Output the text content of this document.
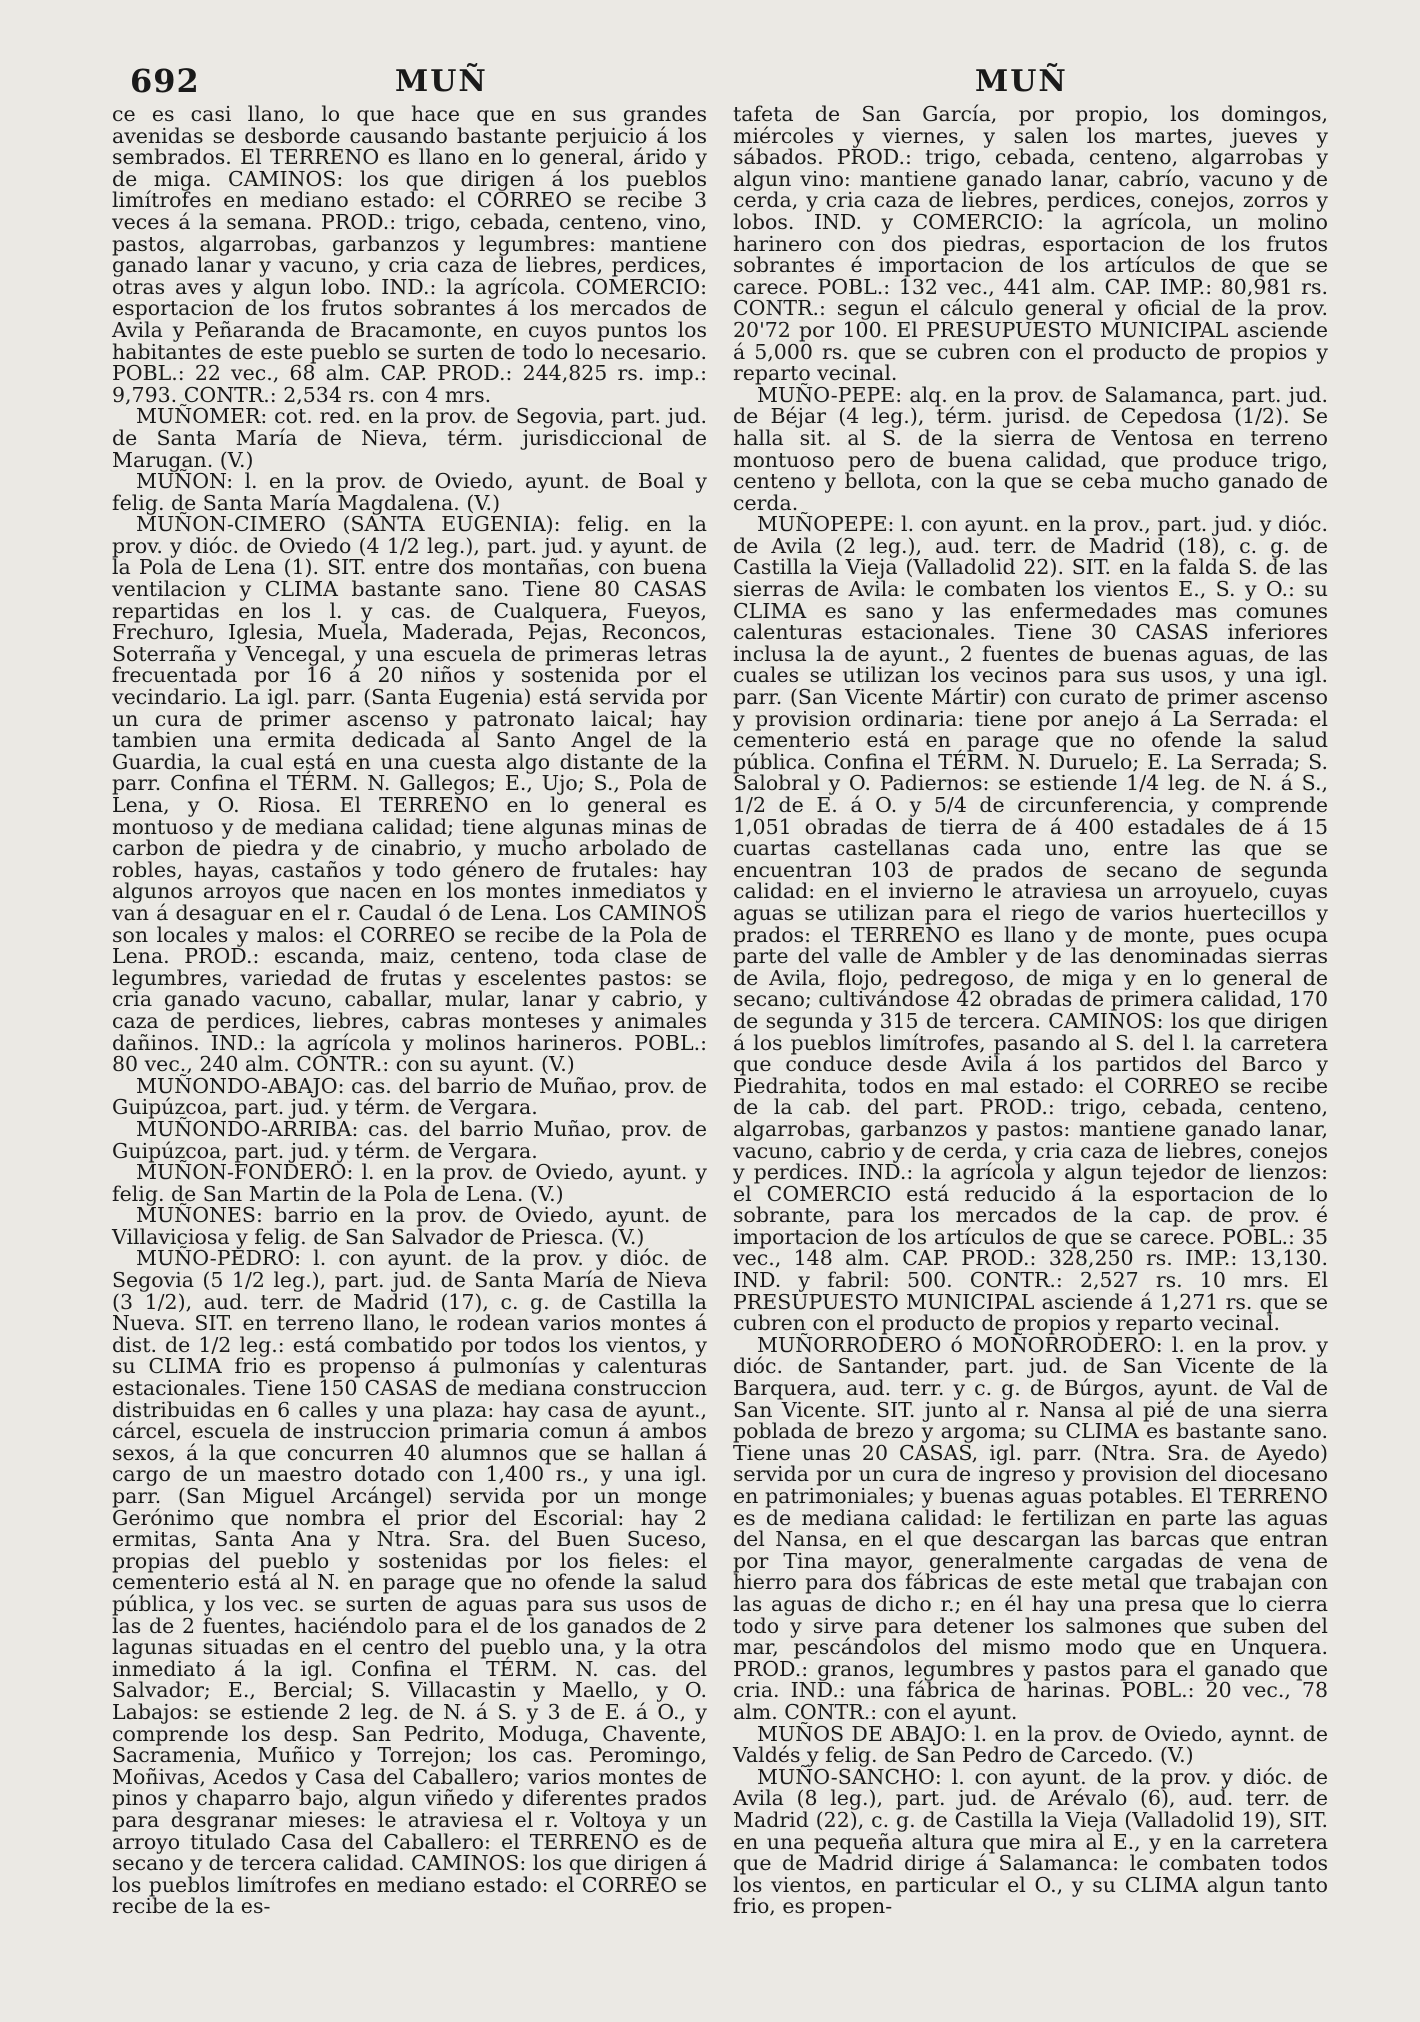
692	MUÑ	MUÑ

ce es casi llano, lo que hace que en sus grandes avenidas se desborde causando bastante perjuicio á los sembrados. El TERRENO es llano en lo general, árido y de miga. CAMINOS: los que dirigen á los pueblos limítrofes en mediano estado: el CORREO se recibe 3 veces á la semana. PROD.: trigo, cebada, centeno, vino, pastos, algarrobas, garbanzos y legumbres: mantiene ganado lanar y vacuno, y cria caza de liebres, perdices, otras aves y algun lobo. IND.: la agrícola. COMERCIO: esportacion de los frutos sobrantes á los mercados de Avila y Peñaranda de Bracamonte, en cuyos puntos los habitantes de este pueblo se surten de todo lo necesario. POBL.: 22 vec., 68 alm. CAP. PROD.: 244,825 rs. imp.: 9,793. CONTR.: 2,534 rs. con 4 mrs.

MUÑOMER: cot. red. en la prov. de Segovia, part. jud. de Santa María de Nieva, térm. jurisdiccional de Marugan. (V.)

MUÑON: l. en la prov. de Oviedo, ayunt. de Boal y felig. de Santa María Magdalena. (V.)

MUÑON-CIMERO (SANTA EUGENIA): felig. en la prov. y dióc. de Oviedo (4 1/2 leg.), part. jud. y ayunt. de la Pola de Lena (1). SIT. entre dos montañas, con buena ventilacion y CLIMA bastante sano. Tiene 80 CASAS repartidas en los l. y cas. de Cualquera, Fueyos, Frechuro, Iglesia, Muela, Maderada, Pejas, Reconcos, Soterraña y Vencegal, y una escuela de primeras letras frecuentada por 16 á 20 niños y sostenida por el vecindario. La igl. parr. (Santa Eugenia) está servida por un cura de primer ascenso y patronato laical; hay tambien una ermita dedicada al Santo Angel de la Guardia, la cual está en una cuesta algo distante de la parr. Confina el TÉRM. N. Gallegos; E., Ujo; S., Pola de Lena, y O. Riosa. El TERRENO en lo general es montuoso y de mediana calidad; tiene algunas minas de carbon de piedra y de cinabrio, y mucho arbolado de robles, hayas, castaños y todo género de frutales: hay algunos arroyos que nacen en los montes inmediatos y van á desaguar en el r. Caudal ó de Lena. Los CAMINOS son locales y malos: el CORREO se recibe de la Pola de Lena. PROD.: escanda, maiz, centeno, toda clase de legumbres, variedad de frutas y escelentes pastos: se cria ganado vacuno, caballar, mular, lanar y cabrio, y caza de perdices, liebres, cabras monteses y animales dañinos. IND.: la agrícola y molinos harineros. POBL.: 80 vec., 240 alm. CONTR.: con su ayunt. (V.)

MUÑONDO-ABAJO: cas. del barrio de Muñao, prov. de Guipúzcoa, part. jud. y térm. de Vergara.

MUÑONDO-ARRIBA: cas. del barrio Muñao, prov. de Guipúzcoa, part. jud. y térm. de Vergara.

MUÑON-FONDERO: l. en la prov. de Oviedo, ayunt. y felig. de San Martin de la Pola de Lena. (V.)

MUÑONES: barrio en la prov. de Oviedo, ayunt. de Villaviciosa y felig. de San Salvador de Priesca. (V.)

MUÑO-PEDRO: l. con ayunt. de la prov. y dióc. de Segovia (5 1/2 leg.), part. jud. de Santa María de Nieva (3 1/2), aud. terr. de Madrid (17), c. g. de Castilla la Nueva. SIT. en terreno llano, le rodean varios montes á dist. de 1/2 leg.: está combatido por todos los vientos, y su CLIMA frio es propenso á pulmonías y calenturas estacionales. Tiene 150 CASAS de mediana construccion distribuidas en 6 calles y una plaza: hay casa de ayunt., cárcel, escuela de instruccion primaria comun á ambos sexos, á la que concurren 40 alumnos que se hallan á cargo de un maestro dotado con 1,400 rs., y una igl. parr. (San Miguel Arcángel) servida por un monge Gerónimo que nombra el prior del Escorial: hay 2 ermitas, Santa Ana y Ntra. Sra. del Buen Suceso, propias del pueblo y sostenidas por los fieles: el cementerio está al N. en parage que no ofende la salud pública, y los vec. se surten de aguas para sus usos de las de 2 fuentes, haciéndolo para el de los ganados de 2 lagunas situadas en el centro del pueblo una, y la otra inmediato á la igl. Confina el TÉRM. N. cas. del Salvador; E., Bercial; S. Villacastin y Maello, y O. Labajos: se estiende 2 leg. de N. á S. y 3 de E. á O., y comprende los desp. San Pedrito, Moduga, Chavente, Sacramenia, Muñico y Torrejon; los cas. Peromingo, Moñivas, Acedos y Casa del Caballero; varios montes de pinos y chaparro bajo, algun viñedo y diferentes prados para desgranar mieses: le atraviesa el r. Voltoya y un arroyo titulado Casa del Caballero: el TERRENO es de secano y de tercera calidad. CAMINOS: los que dirigen á los pueblos limítrofes en mediano estado: el CORREO se recibe de la es-

tafeta de San García, por propio, los domingos, miércoles y viernes, y salen los martes, jueves y sábados. PROD.: trigo, cebada, centeno, algarrobas y algun vino: mantiene ganado lanar, cabrío, vacuno y de cerda, y cria caza de liebres, perdices, conejos, zorros y lobos. IND. y COMERCIO: la agrícola, un molino harinero con dos piedras, esportacion de los frutos sobrantes é importacion de los artículos de que se carece. POBL.: 132 vec., 441 alm. CAP. IMP.: 80,981 rs. CONTR.: segun el cálculo general y oficial de la prov. 20'72 por 100. El PRESUPUESTO MUNICIPAL asciende á 5,000 rs. que se cubren con el producto de propios y reparto vecinal.

MUÑO-PEPE: alq. en la prov. de Salamanca, part. jud. de Béjar (4 leg.), térm. jurisd. de Cepedosa (1/2). Se halla sit. al S. de la sierra de Ventosa en terreno montuoso pero de buena calidad, que produce trigo, centeno y bellota, con la que se ceba mucho ganado de cerda.

MUÑOPEPE: l. con ayunt. en la prov., part. jud. y dióc. de Avila (2 leg.), aud. terr. de Madrid (18), c. g. de Castilla la Vieja (Valladolid 22). SIT. en la falda S. de las sierras de Avila: le combaten los vientos E., S. y O.: su CLIMA es sano y las enfermedades mas comunes calenturas estacionales. Tiene 30 CASAS inferiores inclusa la de ayunt., 2 fuentes de buenas aguas, de las cuales se utilizan los vecinos para sus usos, y una igl. parr. (San Vicente Mártir) con curato de primer ascenso y provision ordinaria: tiene por anejo á La Serrada: el cementerio está en parage que no ofende la salud pública. Confina el TÉRM. N. Duruelo; E. La Serrada; S. Salobral y O. Padiernos: se estiende 1/4 leg. de N. á S., 1/2 de E. á O. y 5/4 de circunferencia, y comprende 1,051 obradas de tierra de á 400 estadales de á 15 cuartas castellanas cada uno, entre las que se encuentran 103 de prados de secano de segunda calidad: en el invierno le atraviesa un arroyuelo, cuyas aguas se utilizan para el riego de varios huertecillos y prados: el TERRENO es llano y de monte, pues ocupa parte del valle de Ambler y de las denominadas sierras de Avila, flojo, pedregoso, de miga y en lo general de secano; cultivándose 42 obradas de primera calidad, 170 de segunda y 315 de tercera. CAMINOS: los que dirigen á los pueblos limítrofes, pasando al S. del l. la carretera que conduce desde Avila á los partidos del Barco y Piedrahita, todos en mal estado: el CORREO se recibe de la cab. del part. PROD.: trigo, cebada, centeno, algarrobas, garbanzos y pastos: mantiene ganado lanar, vacuno, cabrio y de cerda, y cria caza de liebres, conejos y perdices. IND.: la agrícola y algun tejedor de lienzos: el COMERCIO está reducido á la esportacion de lo sobrante, para los mercados de la cap. de prov. é importacion de los artículos de que se carece. POBL.: 35 vec., 148 alm. CAP. PROD.: 328,250 rs. IMP.: 13,130. IND. y fabril: 500. CONTR.: 2,527 rs. 10 mrs. El PRESUPUESTO MUNICIPAL asciende á 1,271 rs. que se cubren con el producto de propios y reparto vecinal.

MUÑORRODERO ó MOÑORRODERO: l. en la prov. y dióc. de Santander, part. jud. de San Vicente de la Barquera, aud. terr. y c. g. de Búrgos, ayunt. de Val de San Vicente. SIT. junto al r. Nansa al pié de una sierra poblada de brezo y argoma; su CLIMA es bastante sano. Tiene unas 20 CASAS, igl. parr. (Ntra. Sra. de Ayedo) servida por un cura de ingreso y provision del diocesano en patrimoniales; y buenas aguas potables. El TERRENO es de mediana calidad: le fertilizan en parte las aguas del Nansa, en el que descargan las barcas que entran por Tina mayor, generalmente cargadas de vena de hierro para dos fábricas de este metal que trabajan con las aguas de dicho r.; en él hay una presa que lo cierra todo y sirve para detener los salmones que suben del mar, pescándolos del mismo modo que en Unquera. PROD.: granos, legumbres y pastos para el ganado que cria. IND.: una fábrica de harinas. POBL.: 20 vec., 78 alm. CONTR.: con el ayunt.

MUÑOS DE ABAJO: l. en la prov. de Oviedo, aynnt. de Valdés y felig. de San Pedro de Carcedo. (V.)

MUÑO-SANCHO: l. con ayunt. de la prov. y dióc. de Avila (8 leg.), part. jud. de Arévalo (6), aud. terr. de Madrid (22), c. g. de Castilla la Vieja (Valladolid 19), SIT. en una pequeña altura que mira al E., y en la carretera que de Madrid dirige á Salamanca: le combaten todos los vientos, en particular el O., y su CLIMA algun tanto frio, es propen-
